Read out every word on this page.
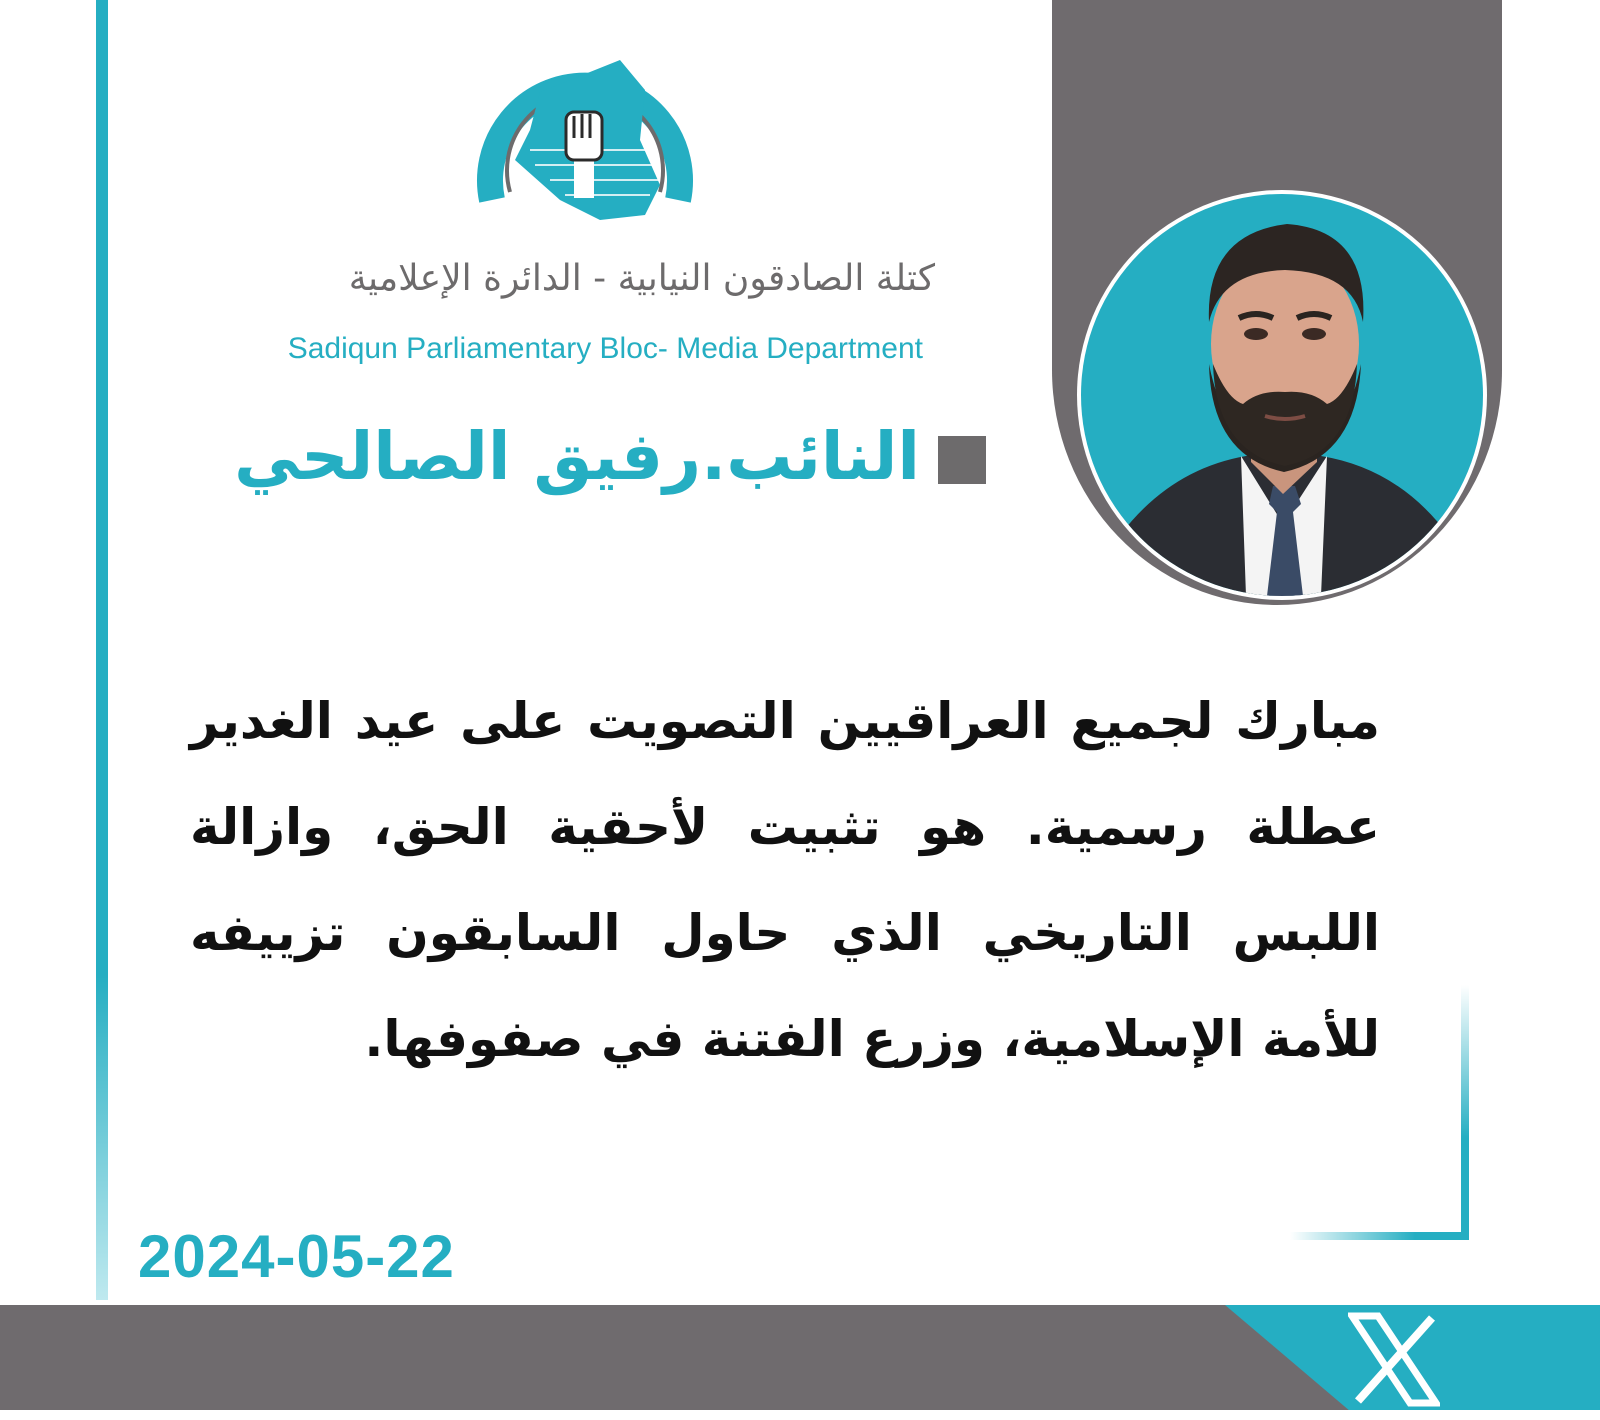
كتلة الصادقون النيابية - الدائرة الإعلامية
Sadiqun Parliamentary Bloc- Media Department
النائب.رفيق الصالحي
مبارك لجميع العراقيين التصويت على عيد الغدير عطلة رسمية. هو تثبيت لأحقية الحق، وازالة اللبس التاريخي الذي حاول السابقون تزييفه للأمة الإسلامية، وزرع الفتنة في صفوفها.
2024-05-22
